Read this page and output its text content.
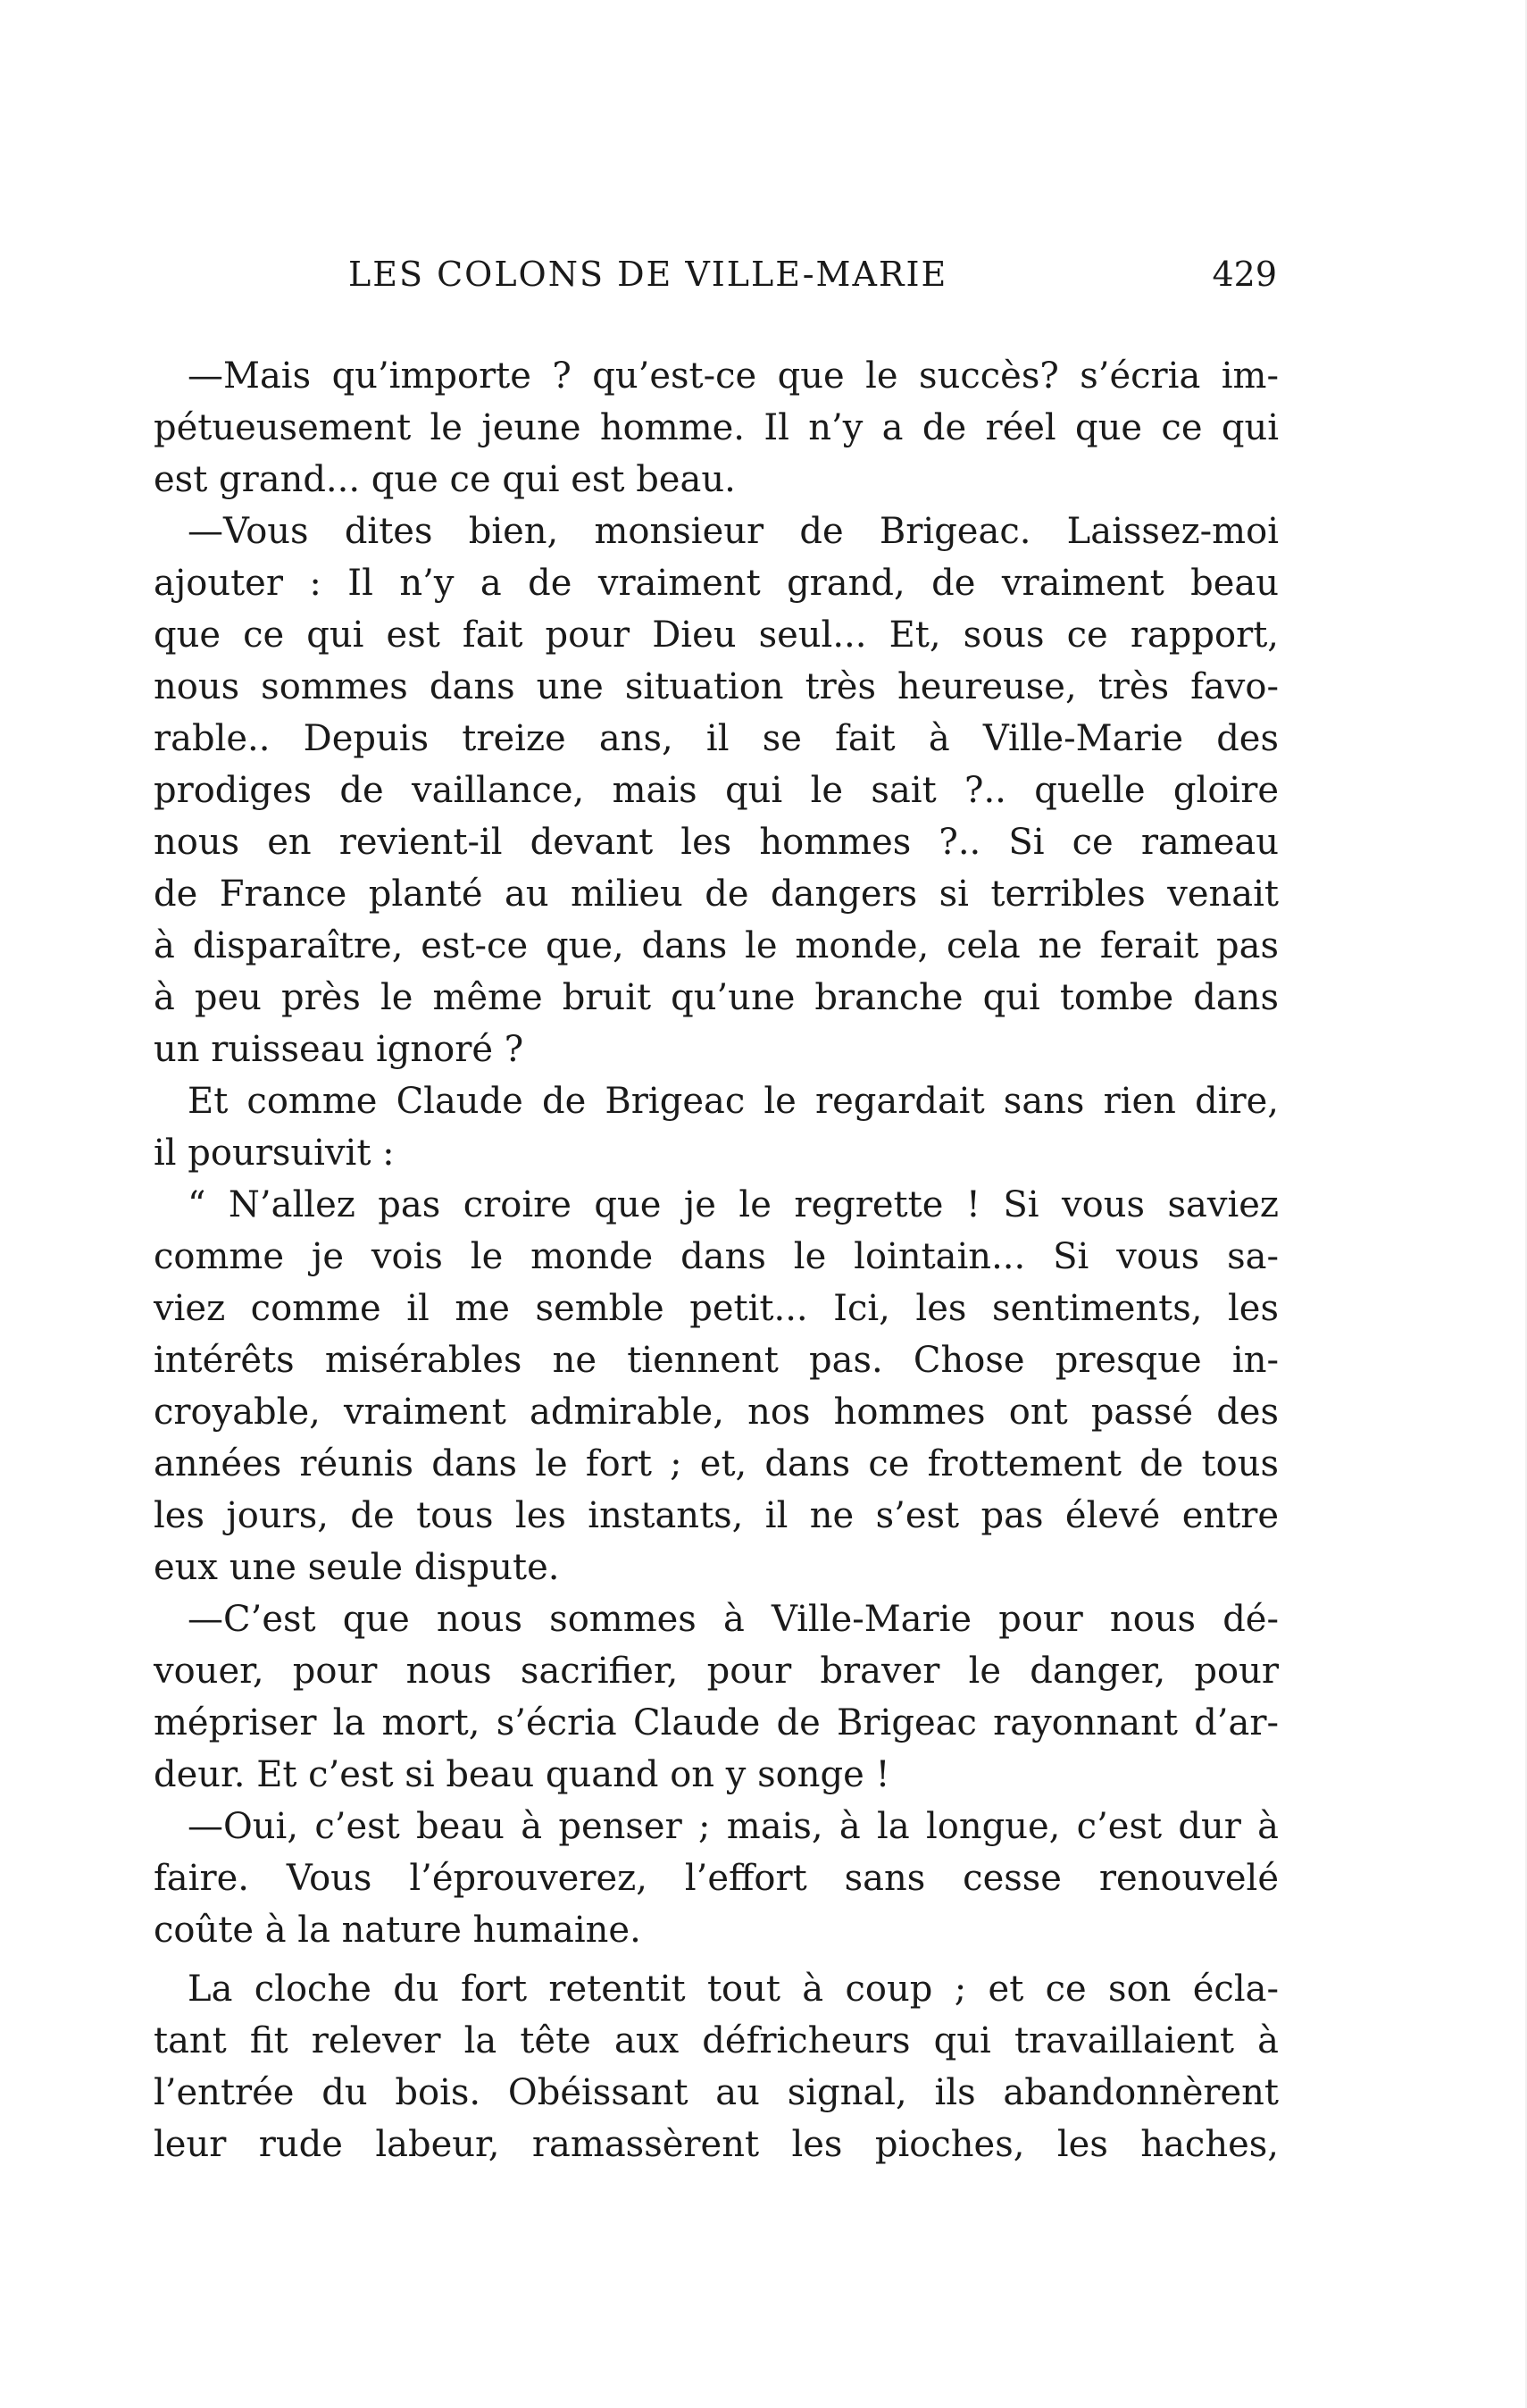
LES COLONS DE VILLE-MARIE	429
—Mais qu’importe ? qu’est-ce que le succès? s’écria im-
pétueusement le jeune homme. Il n’y a de réel que ce qui
est grand... que ce qui est beau.
—Vous dites bien, monsieur de Brigeac. Laissez-moi
ajouter : Il n’y a de vraiment grand, de vraiment beau
que ce qui est fait pour Dieu seul... Et, sous ce rapport,
nous sommes dans une situation très heureuse, très favo-
rable.. Depuis treize ans, il se fait à Ville-Marie des
prodiges de vaillance, mais qui le sait ?.. quelle gloire
nous en revient-il devant les hommes ?.. Si ce rameau
de France planté au milieu de dangers si terribles venait
à disparaître, est-ce que, dans le monde, cela ne ferait pas
à peu près le même bruit qu’une branche qui tombe dans
un ruisseau ignoré ?
Et comme Claude de Brigeac le regardait sans rien dire,
il poursuivit :
“ N’allez pas croire que je le regrette ! Si vous saviez
comme je vois le monde dans le lointain... Si vous sa-
viez comme il me semble petit... Ici, les sentiments, les
intérêts misérables ne tiennent pas. Chose presque in-
croyable, vraiment admirable, nos hommes ont passé des
années réunis dans le fort ; et, dans ce frottement de tous
les jours, de tous les instants, il ne s’est pas élevé entre
eux une seule dispute.
—C’est que nous sommes à Ville-Marie pour nous dé-
vouer, pour nous sacrifier, pour braver le danger, pour
mépriser la mort, s’écria Claude de Brigeac rayonnant d’ar-
deur. Et c’est si beau quand on y songe !
—Oui, c’est beau à penser ; mais, à la longue, c’est dur à
faire. Vous l’éprouverez, l’effort sans cesse renouvelé
coûte à la nature humaine.
La cloche du fort retentit tout à coup ; et ce son écla-
tant fit relever la tête aux défricheurs qui travaillaient à
l’entrée du bois. Obéissant au signal, ils abandonnèrent
leur rude labeur, ramassèrent les pioches, les haches,
